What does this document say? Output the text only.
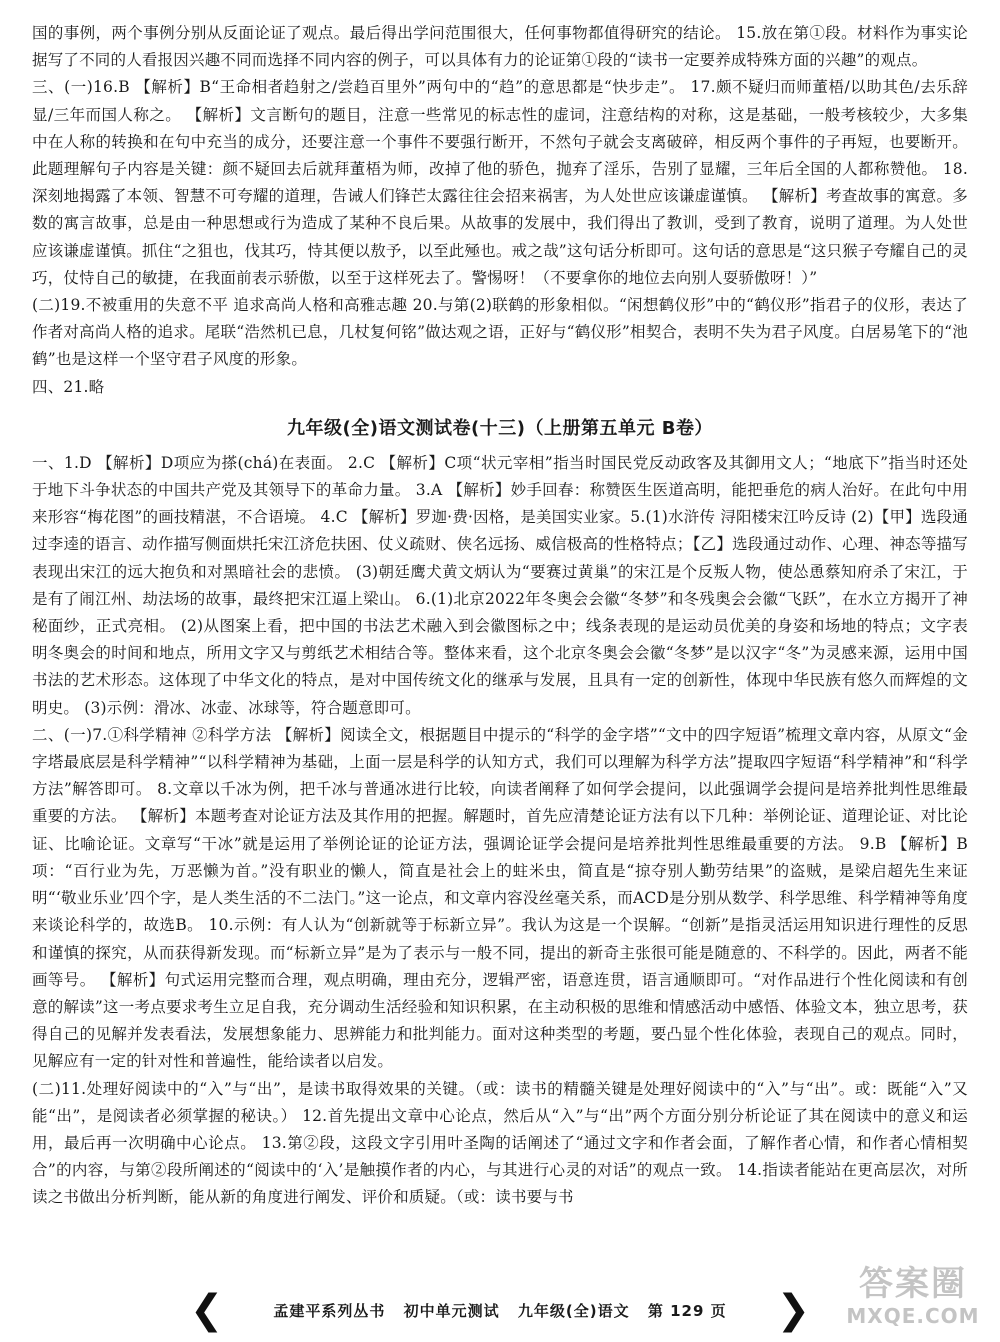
国的事例，两个事例分别从反面论证了观点。最后得出学问范围很大，任何事物都值得研究的结论。 15.放在第①段。材料作为事实论据写了不同的人看报因兴趣不同而选择不同内容的例子，可以具体有力的论证第①段的“读书一定要养成特殊方面的兴趣”的观点。

三、(一)16.B 【解析】B“王命相者趋射之/尝趋百里外”两句中的“趋”的意思都是“快步走”。 17.颇不疑归而师董梧/以助其色/去乐辞显/三年而国人称之。 【解析】文言断句的题目，注意一些常见的标志性的虚词，注意结构的对称，这是基础，一般考核较少，大多集中在人称的转换和在句中充当的成分，还要注意一个事件不要强行断开，不然句子就会支离破碎，相反两个事件的子再短，也要断开。此题理解句子内容是关键：颜不疑回去后就拜董梧为师，改掉了他的骄色，抛弃了淫乐，告别了显耀，三年后全国的人都称赞他。 18.深刻地揭露了本领、智慧不可夸耀的道理，告诫人们锋芒太露往往会招来祸害，为人处世应该谦虚谨慎。 【解析】考查故事的寓意。多数的寓言故事，总是由一种思想或行为造成了某种不良后果。从故事的发展中，我们得出了教训，受到了教育，说明了道理。为人处世应该谦虚谨慎。抓住“之狙也，伐其巧，恃其便以敖予，以至此殛也。戒之哉”这句话分析即可。这句话的意思是“这只猴子夸耀自己的灵巧，仗恃自己的敏捷，在我面前表示骄傲，以至于这样死去了。警惕呀！（不要拿你的地位去向别人耍骄傲呀！）”

(二)19.不被重用的失意不平 追求高尚人格和高雅志趣 20.与第(2)联鹤的形象相似。“闲想鹤仪形”中的“鹤仪形”指君子的仪形，表达了作者对高尚人格的追求。尾联“浩然机已息，几杖复何铭”做达观之语，正好与“鹤仪形”相契合，表明不失为君子风度。白居易笔下的“池鹤”也是这样一个坚守君子风度的形象。

四、21.略

九年级(全)语文测试卷(十三)（上册第五单元 B卷）

一、1.D 【解析】D项应为搽(chá)在表面。 2.C 【解析】C项“状元宰相”指当时国民党反动政客及其御用文人；“地底下”指当时还处于地下斗争状态的中国共产党及其领导下的革命力量。 3.A 【解析】妙手回春：称赞医生医道高明，能把垂危的病人治好。在此句中用来形容“梅花图”的画技精湛，不合语境。 4.C 【解析】罗迦·费·因格，是美国实业家。5.(1)水浒传 浔阳楼宋江吟反诗 (2)【甲】选段通过李逵的语言、动作描写侧面烘托宋江济危扶困、仗义疏财、侠名远扬、威信极高的性格特点；【乙】选段通过动作、心理、神态等描写表现出宋江的远大抱负和对黑暗社会的悲愤。 (3)朝廷鹰犬黄文炳认为“要赛过黄巢”的宋江是个反叛人物，使怂恿蔡知府杀了宋江，于是有了闹江州、劫法场的故事，最终把宋江逼上梁山。 6.(1)北京2022年冬奥会会徽“冬梦”和冬残奥会会徽“飞跃”，在水立方揭开了神秘面纱，正式亮相。 (2)从图案上看，把中国的书法艺术融入到会徽图标之中；线条表现的是运动员优美的身姿和场地的特点；文字表明冬奥会的时间和地点，所用文字又与剪纸艺术相结合等。整体来看，这个北京冬奥会会徽“冬梦”是以汉字“冬”为灵感来源，运用中国书法的艺术形态。这体现了中华文化的特点，是对中国传统文化的继承与发展，且具有一定的创新性，体现中华民族有悠久而辉煌的文明史。 (3)示例：滑冰、冰壶、冰球等，符合题意即可。

二、(一)7.①科学精神 ②科学方法 【解析】阅读全文，根据题目中提示的“科学的金字塔”“文中的四字短语”梳理文章内容，从原文“金字塔最底层是科学精神”“以科学精神为基础，上面一层是科学的认知方式，我们可以理解为科学方法”提取四字短语“科学精神”和“科学方法”解答即可。 8.文章以千冰为例，把千冰与普通冰进行比较，向读者阐释了如何学会提问，以此强调学会提问是培养批判性思维最重要的方法。 【解析】本题考查对论证方法及其作用的把握。解题时，首先应清楚论证方法有以下几种：举例论证、道理论证、对比论证、比喻论证。文章写“干冰”就是运用了举例论证的论证方法，强调论证学会提问是培养批判性思维最重要的方法。 9.B 【解析】B项：“百行业为先，万恶懒为首。”没有职业的懒人，简直是社会上的蛀米虫，简直是“掠夺别人勤劳结果”的盗贼，是梁启超先生来证明“‘敬业乐业’四个字，是人类生活的不二法门。”这一论点，和文章内容没丝毫关系，而ACD是分别从数学、科学思维、科学精神等角度来谈论科学的，故选B。 10.示例：有人认为“创新就等于标新立异”。我认为这是一个误解。“创新”是指灵活运用知识进行理性的反思和谨慎的探究，从而获得新发现。而“标新立异”是为了表示与一般不同，提出的新奇主张很可能是随意的、不科学的。因此，两者不能画等号。 【解析】句式运用完整而合理，观点明确，理由充分，逻辑严密，语意连贯，语言通顺即可。“对作品进行个性化阅读和有创意的解读”这一考点要求考生立足自我，充分调动生活经验和知识积累，在主动积极的思维和情感活动中感悟、体验文本，独立思考，获得自己的见解并发表看法，发展想象能力、思辨能力和批判能力。面对这种类型的考题，要凸显个性化体验，表现自己的观点。同时，见解应有一定的针对性和普遍性，能给读者以启发。

(二)11.处理好阅读中的“入”与“出”，是读书取得效果的关键。（或：读书的精髓关键是处理好阅读中的“入”与“出”。或：既能“入”又能“出”，是阅读者必须掌握的秘诀。） 12.首先提出文章中心论点，然后从“入”与“出”两个方面分别分析论证了其在阅读中的意义和运用，最后再一次明确中心论点。 13.第②段，这段文字引用叶圣陶的话阐述了“通过文字和作者会面，了解作者心情，和作者心情相契合”的内容，与第②段所阐述的“阅读中的‘入’是触摸作者的内心，与其进行心灵的对话”的观点一致。 14.指读者能站在更高层次，对所读之书做出分析判断，能从新的角度进行阐发、评价和质疑。（或：读书要与书

❮	孟建平系列丛书 初中单元测试 九年级(全)语文 第 129 页 ❯
答案圈
MXQE.COM
